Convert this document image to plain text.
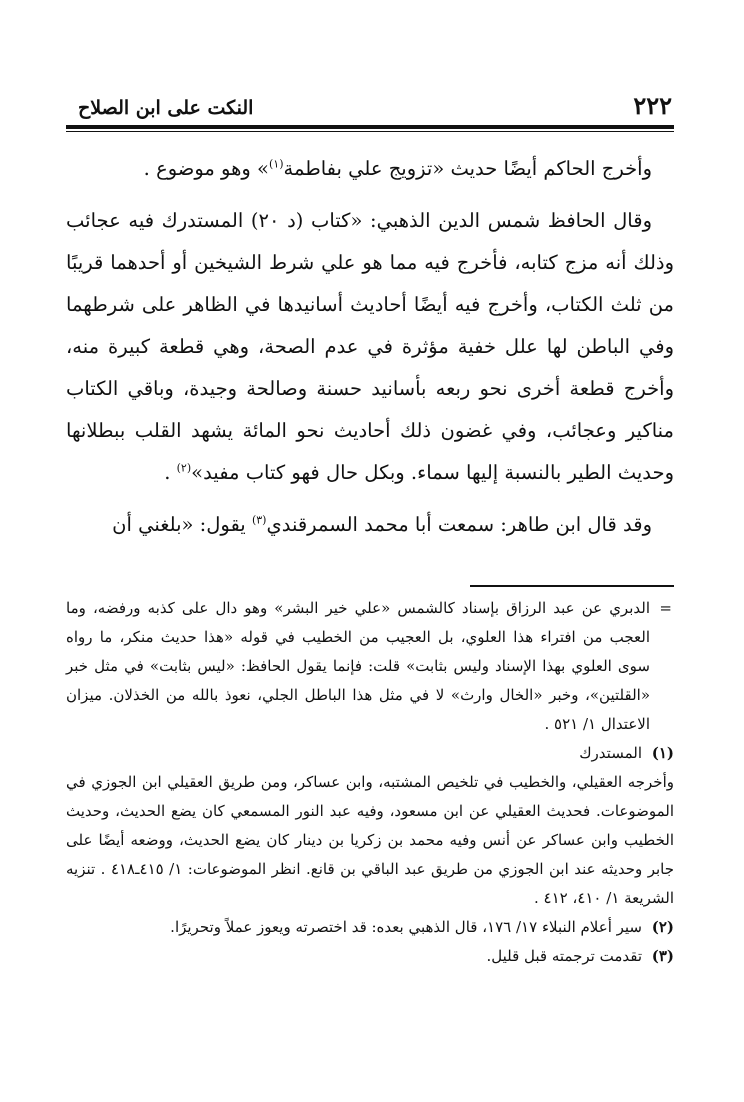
٢٢٢
النكت على ابن الصلاح

وأخرج الحاكم أيضًا حديث «تزويج علي بفاطمة$^{(١)}$» وهو موضوع .

وقال الحافظ شمس الدين الذهبي: «كتاب (د ٢٠) المستدرك فيه عجائب وذلك أنه مزج كتابه، فأخرج فيه مما هو علي شرط الشيخين أو أحدهما قريبًا من ثلث الكتاب، وأخرج فيه أيضًا أحاديث أسانيدها في الظاهر على شرطهما وفي الباطن لها علل خفية مؤثرة في عدم الصحة، وهي قطعة كبيرة منه، وأخرج قطعة أخرى نحو ربعه بأسانيد حسنة وصالحة وجيدة، وباقي الكتاب مناكير وعجائب، وفي غضون ذلك أحاديث نحو المائة يشهد القلب ببطلانها وحديث الطير بالنسبة إليها سماء. وبكل حال فهو كتاب مفيد»$^{(٢)}$ .

وقد قال ابن طاهر: سمعت أبا محمد السمرقندي$^{(٣)}$ يقول: «بلغني أن

=
الدبري عن عبد الرزاق بإسناد كالشمس «علي خير البشر» وهو دال على كذبه ورفضه، وما العجب من افتراء هذا العلوي، بل العجيب من الخطيب في قوله «هذا حديث منكر، ما رواه سوى العلوي بهذا الإسناد وليس بثابت» قلت: فإنما يقول الحافظ: «ليس بثابت» في مثل خبر «القلتين»، وخبر «الخال وارث» لا في مثل هذا الباطل الجلي، نعوذ بالله من الخذلان. ميزان الاعتدال ١/ ٥٢١ .
(١)
المستدرك
وأخرجه العقيلي، والخطيب في تلخيص المشتبه، وابن عساكر، ومن طريق العقيلي ابن الجوزي في الموضوعات. فحديث العقيلي عن ابن مسعود، وفيه عبد النور المسمعي كان يضع الحديث، وحديث الخطيب وابن عساكر عن أنس وفيه محمد بن زكريا بن دينار كان يضع الحديث، ووضعه أيضًا على جابر وحديثه عند ابن الجوزي من طريق عبد الباقي بن قانع. انظر الموضوعات: ١/ ٤١٥ـ٤١٨ . تنزيه الشريعة ١/ ٤١٠، ٤١٢ .
(٢)
سير أعلام النبلاء ١٧/ ١٧٦، قال الذهبي بعده: قد اختصرته ويعوز عملاً وتحريرًا.
(٣)
تقدمت ترجمته قبل قليل.
